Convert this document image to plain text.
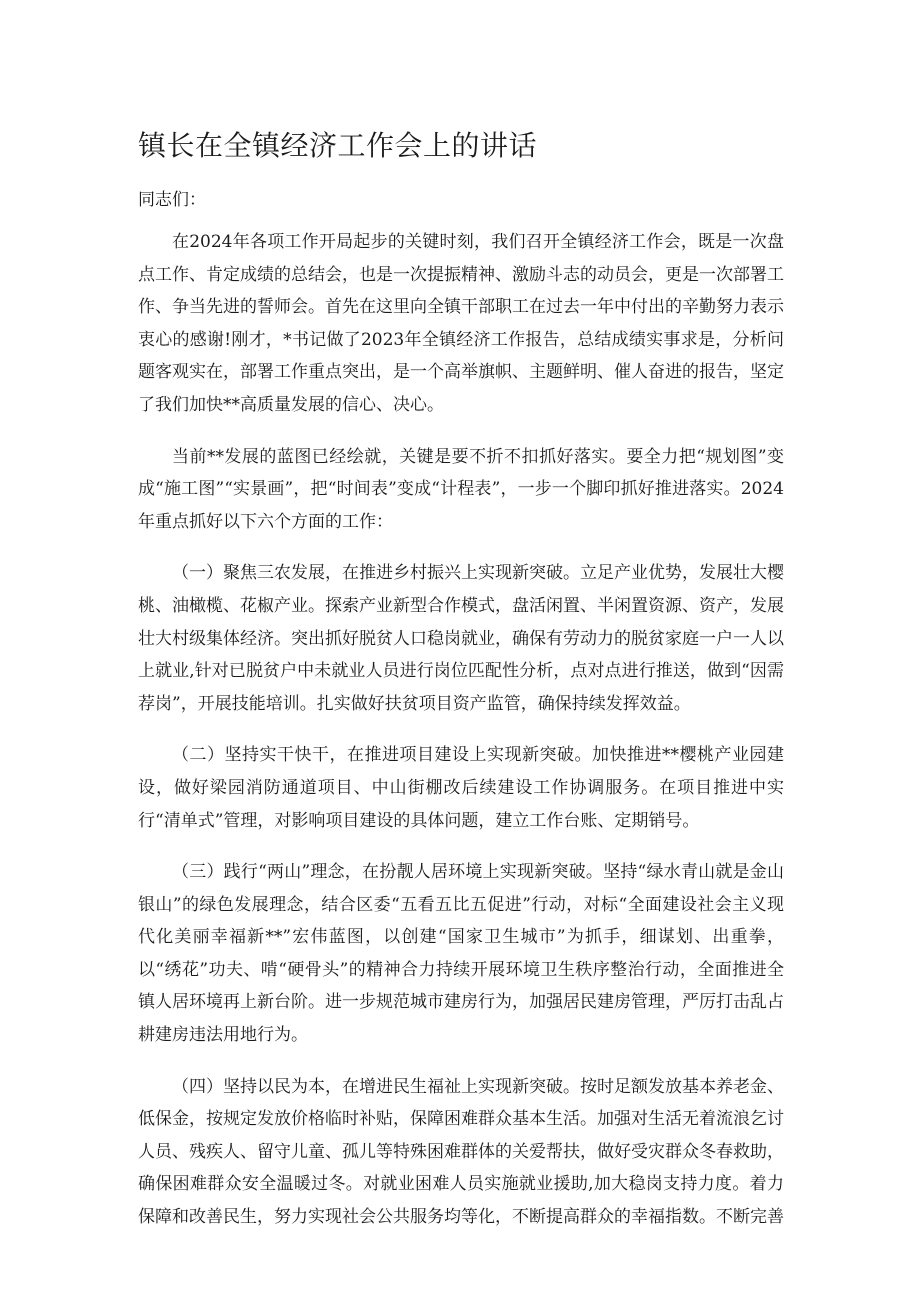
镇长在全镇经济工作会上的讲话

同志们：

在2024年各项工作开局起步的关键时刻，我们召开全镇经济工作会，既是一次盘点工作、肯定成绩的总结会，也是一次提振精神、激励斗志的动员会，更是一次部署工作、争当先进的誓师会。首先在这里向全镇干部职工在过去一年中付出的辛勤努力表示衷心的感谢!刚才，*书记做了2023年全镇经济工作报告，总结成绩实事求是，分析问题客观实在，部署工作重点突出，是一个高举旗帜、主题鲜明、催人奋进的报告，坚定了我们加快**高质量发展的信心、决心。

当前**发展的蓝图已经绘就，关键是要不折不扣抓好落实。要全力把“规划图”变成“施工图”“实景画”，把“时间表”变成“计程表”，一步一个脚印抓好推进落实。2024年重点抓好以下六个方面的工作：

（一）聚焦三农发展，在推进乡村振兴上实现新突破。立足产业优势，发展壮大樱桃、油橄榄、花椒产业。探索产业新型合作模式，盘活闲置、半闲置资源、资产，发展壮大村级集体经济。突出抓好脱贫人口稳岗就业，确保有劳动力的脱贫家庭一户一人以上就业,针对已脱贫户中未就业人员进行岗位匹配性分析，点对点进行推送，做到“因需荐岗”，开展技能培训。扎实做好扶贫项目资产监管，确保持续发挥效益。

（二）坚持实干快干，在推进项目建设上实现新突破。加快推进**樱桃产业园建设，做好梁园消防通道项目、中山街棚改后续建设工作协调服务。在项目推进中实行“清单式”管理，对影响项目建设的具体问题，建立工作台账、定期销号。

（三）践行“两山”理念，在扮靓人居环境上实现新突破。坚持“绿水青山就是金山银山”的绿色发展理念，结合区委“五看五比五促进”行动，对标“全面建设社会主义现代化美丽幸福新**”宏伟蓝图，以创建“国家卫生城市”为抓手，细谋划、出重拳，以“绣花”功夫、啃“硬骨头”的精神合力持续开展环境卫生秩序整治行动，全面推进全镇人居环境再上新台阶。进一步规范城市建房行为，加强居民建房管理，严厉打击乱占耕建房违法用地行为。

（四）坚持以民为本，在增进民生福祉上实现新突破。按时足额发放基本养老金、低保金，按规定发放价格临时补贴，保障困难群众基本生活。加强对生活无着流浪乞讨人员、残疾人、留守儿童、孤儿等特殊困难群体的关爱帮扶，做好受灾群众冬春救助，确保困难群众安全温暖过冬。对就业困难人员实施就业援助,加大稳岗支持力度。着力保障和改善民生，努力实现社会公共服务均等化，不断提高群众的幸福指数。不断完善
